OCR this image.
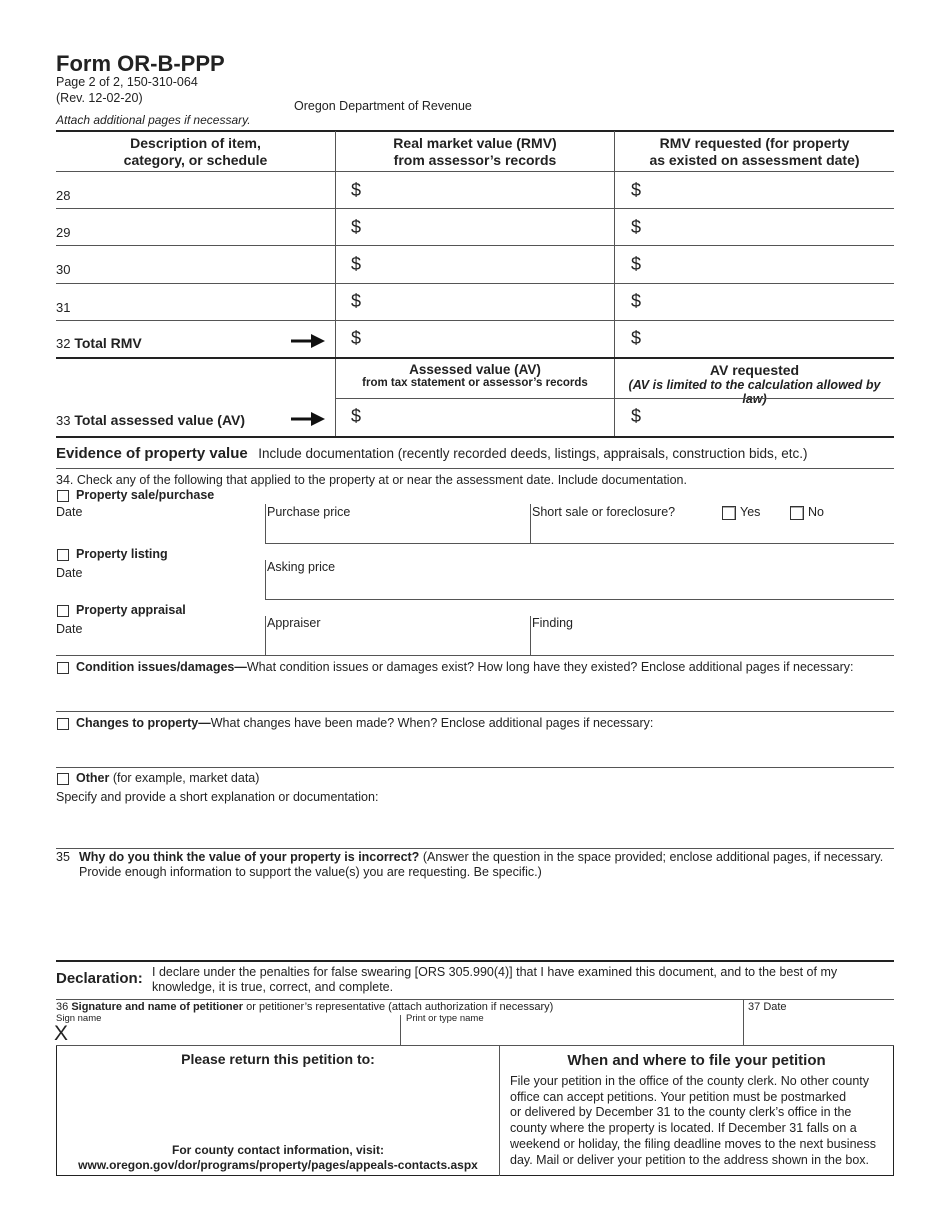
Form OR-B-PPP
Page 2 of 2, 150-310-064
(Rev. 12-02-20)
Oregon Department of Revenue
Attach additional pages if necessary.
Description of item,
category, or schedule
Real market value (RMV)
from assessor’s records
RMV requested (for property
as existed on assessment date)
28	$	$
29	$	$
30	$	$
31	$	$
32 Total RMV	$	$
Assessed value (AV)
from tax statement or assessor’s records
AV requested
(AV is limited to the calculation allowed by law)
33 Total assessed value (AV)	$	$
Evidence of property value Include documentation (recently recorded deeds, listings, appraisals, construction bids, etc.)
34. Check any of the following that applied to the property at or near the assessment date. Include documentation.
Property sale/purchase
Date	Purchase price	Short sale or foreclosure?	Yes	No
Property listing
Date	Asking price
Property appraisal
Date	Appraiser	Finding
Condition issues/damages—What condition issues or damages exist? How long have they existed? Enclose additional pages if necessary:
Changes to property—What changes have been made? When? Enclose additional pages if necessary:
Other (for example, market data)
Specify and provide a short explanation or documentation:
35 Why do you think the value of your property is incorrect? (Answer the question in the space provided; enclose additional pages, if necessary.
Provide enough information to support the value(s) you are requesting. Be specific.)
Declaration: I declare under the penalties for false swearing [ORS 305.990(4)] that I have examined this document, and to the best of my
knowledge, it is true, correct, and complete.
36 Signature and name of petitioner or petitioner’s representative (attach authorization if necessary)
Sign name
X
Print or type name
37 Date
Please return this petition to:
For county contact information, visit:
www.oregon.gov/dor/programs/property/pages/appeals-contacts.aspx
When and where to file your petition
File your petition in the office of the county clerk. No other county
office can accept petitions. Your petition must be postmarked
or delivered by December 31 to the county clerk’s office in the
county where the property is located. If December 31 falls on a
weekend or holiday, the filing deadline moves to the next business
day. Mail or deliver your petition to the address shown in the box.
